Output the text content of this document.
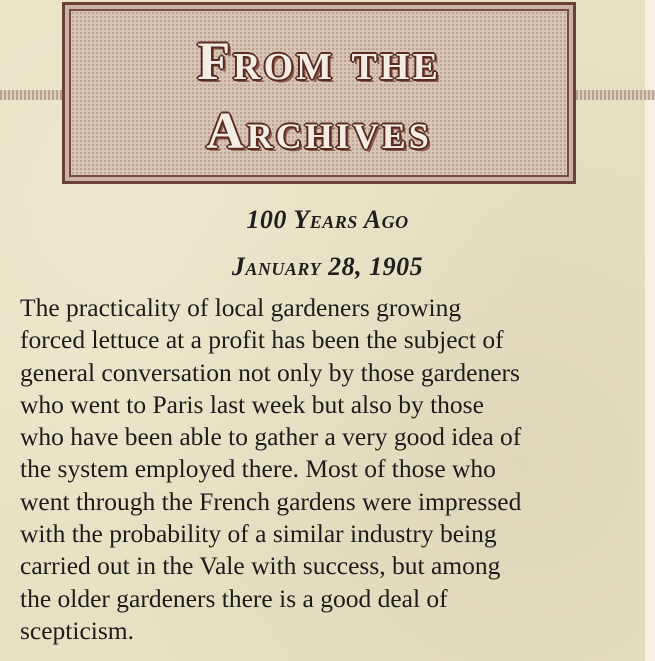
From the
Archives
100 Years Ago
January 28, 1905
The practicality of local gardeners growing
forced lettuce at a profit has been the subject of
general conversation not only by those gardeners
who went to Paris last week but also by those
who have been able to gather a very good idea of
the system employed there. Most of those who
went through the French gardens were impressed
with the probability of a similar industry being
carried out in the Vale with success, but among
the older gardeners there is a good deal of
scepticism.
